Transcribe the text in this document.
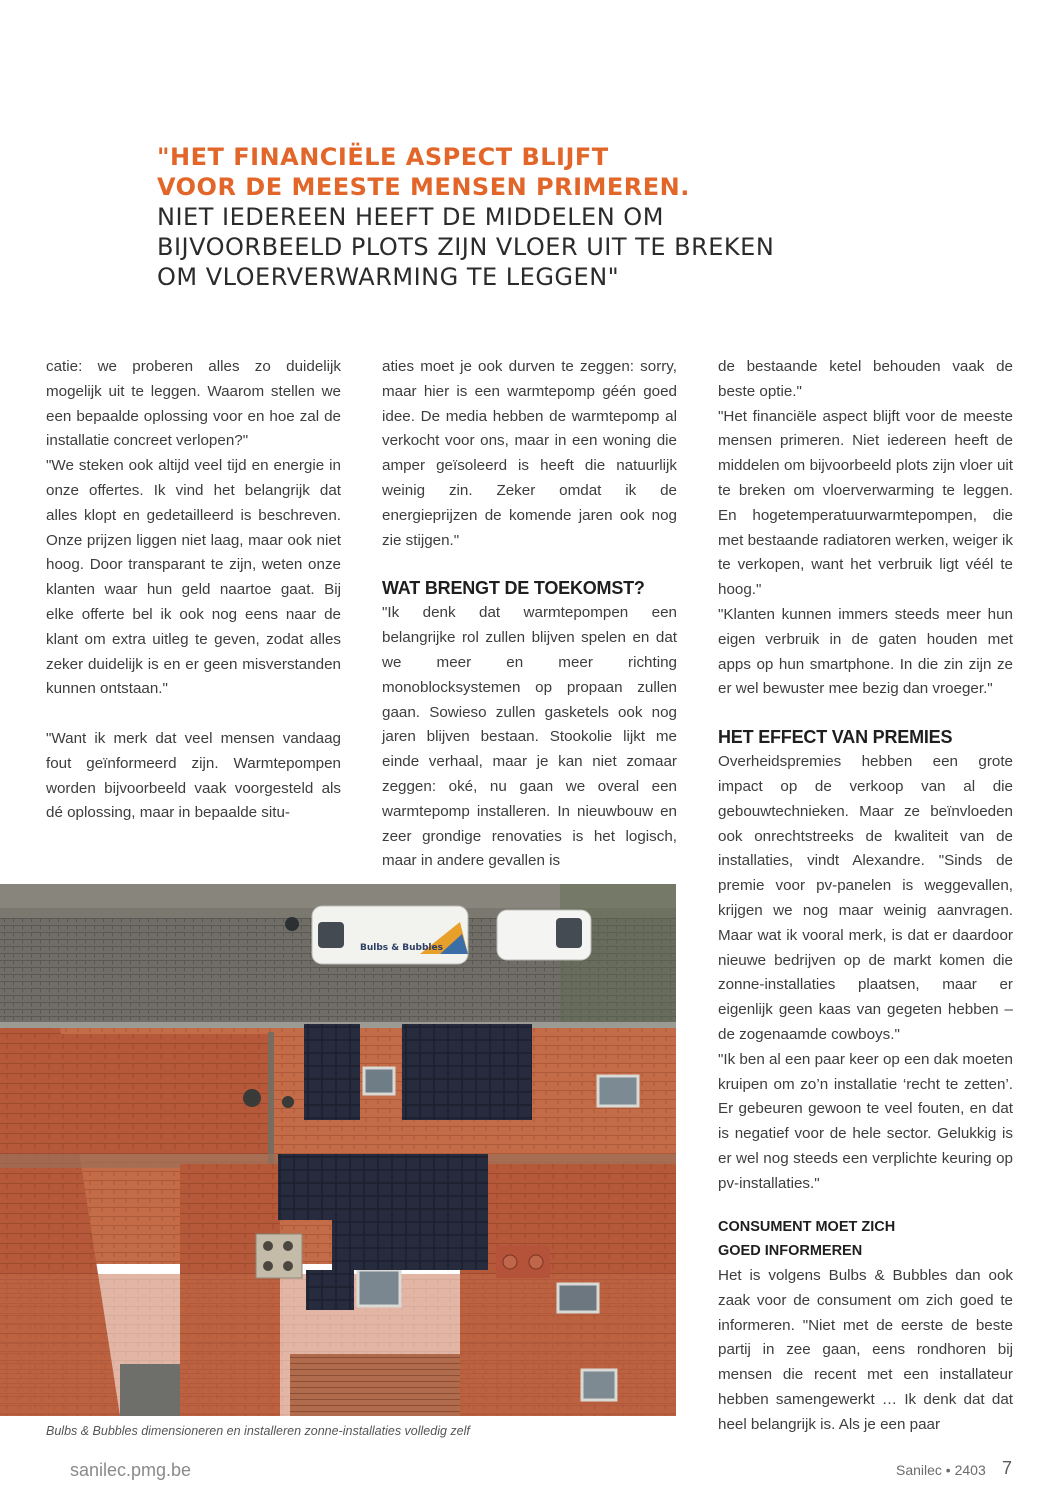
"HET FINANCIËLE ASPECT BLIJFT
VOOR DE MEESTE MENSEN PRIMEREN.
NIET IEDEREEN HEEFT DE MIDDELEN OM
BIJVOORBEELD PLOTS ZIJN VLOER UIT TE BREKEN
OM VLOERVERWARMING TE LEGGEN"

catie: we proberen alles zo duidelijk mogelijk uit te leggen. Waarom stellen we een bepaalde oplossing voor en hoe zal de installatie concreet verlopen?"

"We steken ook altijd veel tijd en energie in onze offertes. Ik vind het belangrijk dat alles klopt en gedetailleerd is beschreven. Onze prijzen liggen niet laag, maar ook niet hoog. Door transparant te zijn, weten onze klanten waar hun geld naartoe gaat. Bij elke offerte bel ik ook nog eens naar de klant om extra uitleg te geven, zodat alles zeker duidelijk is en er geen misverstanden kunnen ontstaan."

"Want ik merk dat veel mensen vandaag fout geïnformeerd zijn. Warmtepompen worden bijvoorbeeld vaak voorgesteld als dé oplossing, maar in bepaalde situ-

aties moet je ook durven te zeggen: sorry, maar hier is een warmtepomp géén goed idee. De media hebben de warmtepomp al verkocht voor ons, maar in een woning die amper geïsoleerd is heeft die natuurlijk weinig zin. Zeker omdat ik de energieprijzen de komende jaren ook nog zie stijgen."

WAT BRENGT DE TOEKOMST?

"Ik denk dat warmtepompen een belangrijke rol zullen blijven spelen en dat we meer en meer richting monoblocksystemen op propaan zullen gaan. Sowieso zullen gasketels ook nog jaren blijven bestaan. Stookolie lijkt me einde verhaal, maar je kan niet zomaar zeggen: oké, nu gaan we overal een warmtepomp installeren. In nieuwbouw en zeer grondige renovaties is het logisch, maar in andere gevallen is

de bestaande ketel behouden vaak de beste optie."

"Het financiële aspect blijft voor de meeste mensen primeren. Niet iedereen heeft de middelen om bijvoorbeeld plots zijn vloer uit te breken om vloerverwarming te leggen. En hogetemperatuurwarmtepompen, die met bestaande radiatoren werken, weiger ik te verkopen, want het verbruik ligt véél te hoog."

"Klanten kunnen immers steeds meer hun eigen verbruik in de gaten houden met apps op hun smartphone. In die zin zijn ze er wel bewuster mee bezig dan vroeger."

HET EFFECT VAN PREMIES

Overheidspremies hebben een grote impact op de verkoop van al die gebouwtechnieken. Maar ze beïnvloeden ook onrechtstreeks de kwaliteit van de installaties, vindt Alexandre. "Sinds de premie voor pv-panelen is weggevallen, krijgen we nog maar weinig aanvragen. Maar wat ik vooral merk, is dat er daardoor nieuwe bedrijven op de markt komen die zonne-installaties plaatsen, maar er eigenlijk geen kaas van gegeten hebben – de zogenaamde cowboys."

"Ik ben al een paar keer op een dak moeten kruipen om zo’n installatie ‘recht te zetten’. Er gebeuren gewoon te veel fouten, en dat is negatief voor de hele sector. Gelukkig is er wel nog steeds een verplichte keuring op pv-installaties."

CONSUMENT MOET ZICH
GOED INFORMEREN

Het is volgens Bulbs & Bubbles dan ook zaak voor de consument om zich goed te informeren. "Niet met de eerste de beste partij in zee gaan, eens rondhoren bij mensen die recent met een installateur hebben samengewerkt … Ik denk dat dat heel belangrijk is. Als je een paar

Bulbs & Bubbles
Bulbs & Bubbles dimensioneren en installeren zonne-installaties volledig zelf
sanilec.pmg.be	Sanilec • 2403 7
